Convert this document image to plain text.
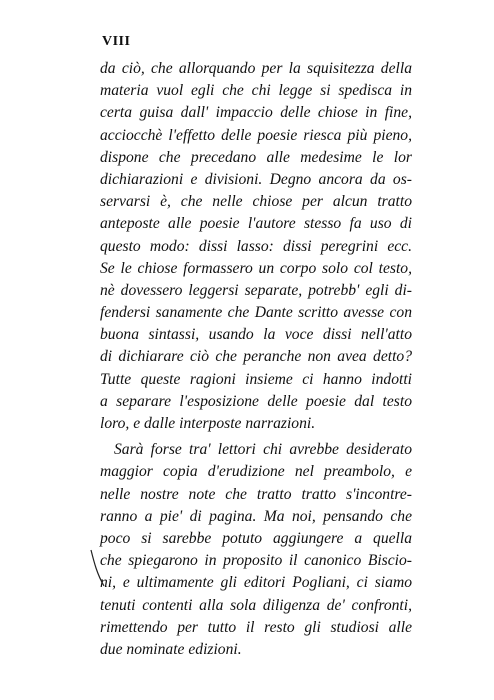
VIII
da ciò, che allorquando per la squisitezza della
materia vuol egli che chi legge si spedisca in
certa guisa dall' impaccio delle chiose in fine,
acciocchè l'effetto delle poesie riesca più pieno,
dispone che precedano alle medesime le lor
dichiarazioni e divisioni. Degno ancora da os-
servarsi è, che nelle chiose per alcun tratto
anteposte alle poesie l'autore stesso fa uso di
questo modo: dissi lasso: dissi peregrini ecc.
Se le chiose formassero un corpo solo col testo,
nè dovessero leggersi separate, potrebb' egli di-
fendersi sanamente che Dante scritto avesse con
buona sintassi, usando la voce dissi nell'atto
di dichiarare ciò che peranche non avea detto?
Tutte queste ragioni insieme ci hanno indotti
a separare l'esposizione delle poesie dal testo
loro, e dalle interposte narrazioni.
Sarà forse tra' lettori chi avrebbe desiderato
maggior copia d'erudizione nel preambolo, e
nelle nostre note che tratto tratto s'incontre-
ranno a pie' di pagina. Ma noi, pensando che
poco si sarebbe potuto aggiungere a quella
che spiegarono in proposito il canonico Bisciо-
ni, e ultimamente gli editori Pogliani, ci siamo
tenuti contenti alla sola diligenza de' confronti,
rimettendo per tutto il resto gli studiosi alle
due nominate edizioni.
